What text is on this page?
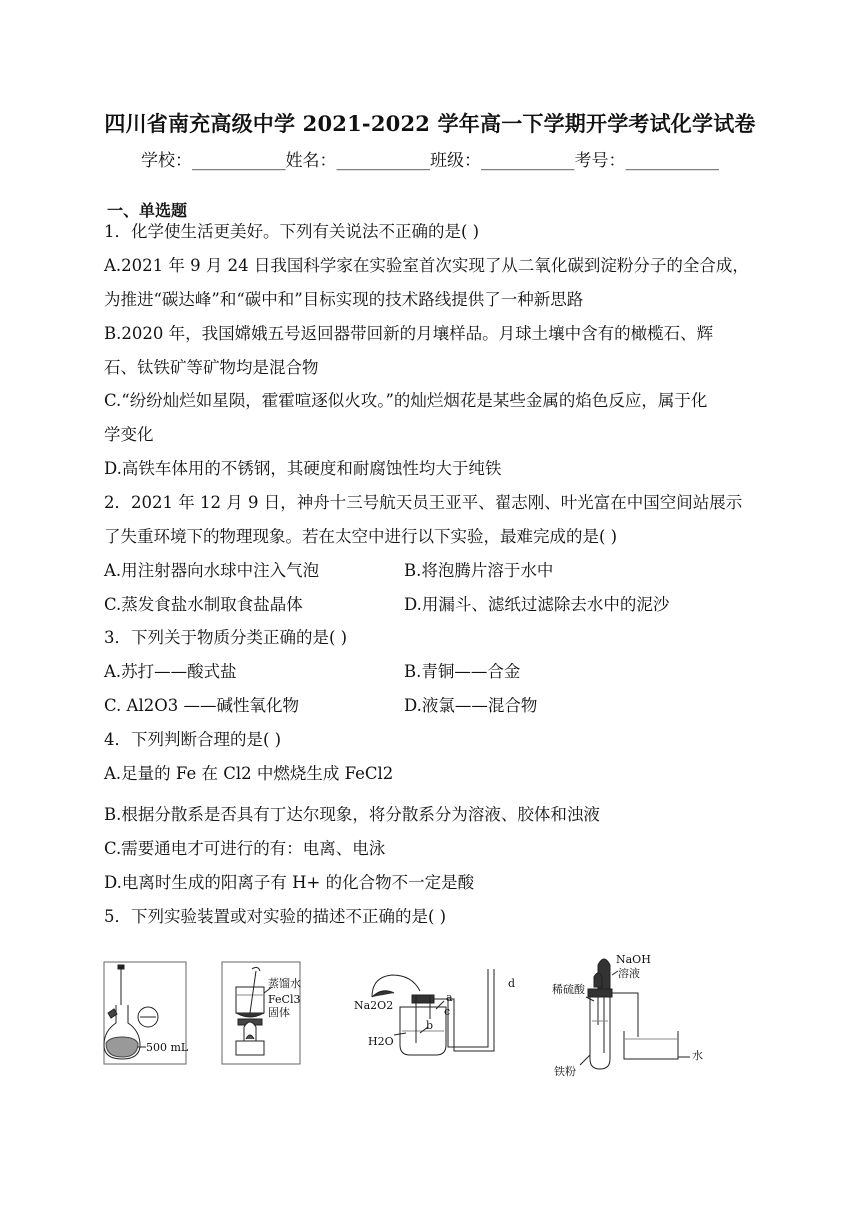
四川省南充高级中学 2021-2022 学年高一下学期开学考试化学试卷
学校：___________姓名：___________班级：___________考号：___________
一、单选题
1．化学使生活更美好。下列有关说法不正确的是( )
A.2021 年 9 月 24 日我国科学家在实验室首次实现了从二氧化碳到淀粉分子的全合成，
为推进“碳达峰”和“碳中和”目标实现的技术路线提供了一种新思路
B.2020 年，我国嫦娥五号返回器带回新的月壤样品。月球土壤中含有的橄榄石、辉
石、钛铁矿等矿物均是混合物
C.“纷纷灿烂如星陨，霍霍喧逐似火攻。”的灿烂烟花是某些金属的焰色反应，属于化
学变化
D.高铁车体用的不锈钢，其硬度和耐腐蚀性均大于纯铁
2．2021 年 12 月 9 日，神舟十三号航天员王亚平、翟志刚、叶光富在中国空间站展示
了失重环境下的物理现象。若在太空中进行以下实验，最难完成的是( )
A.用注射器向水球中注入气泡	B.将泡腾片溶于水中
C.蒸发食盐水制取食盐晶体	D.用漏斗、滤纸过滤除去水中的泥沙
3．下列关于物质分类正确的是( )
A.苏打——酸式盐	B.青铜——合金
C. Al2O3 ——碱性氧化物	D.液氯——混合物
4．下列判断合理的是( )
A.足量的 Fe 在 Cl2 中燃烧生成 FeCl2
B.根据分散系是否具有丁达尔现象，将分散系分为溶液、胶体和浊液
C.需要通电才可进行的有：电离、电泳
D.电离时生成的阳离子有 H+ 的化合物不一定是酸
5．下列实验装置或对实验的描述不正确的是( )
500 mL
蒸馏水
FeCl3
固体
Na2O2
H2O
a
b
c
d
NaOH
溶液
稀硫酸
铁粉
水
